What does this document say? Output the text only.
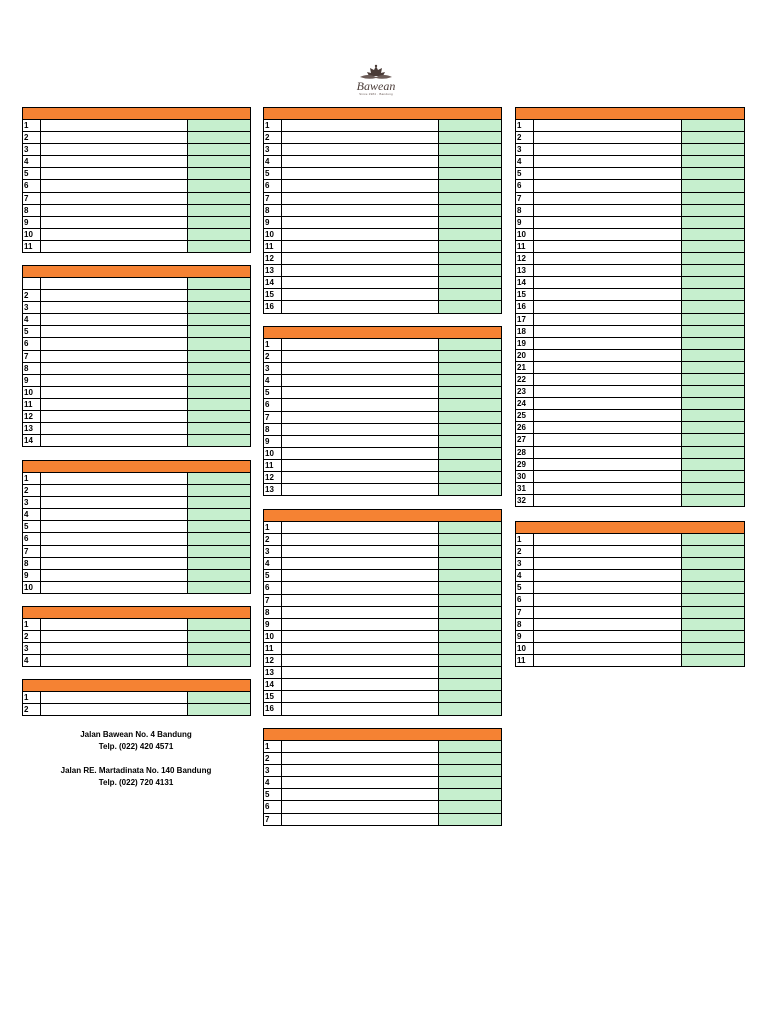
Bawean
Since 1984 · Bandung
1
2
3
4
5
6
7
8
9
10
11
2
3
4
5
6
7
8
9
10
11
12
13
14
1
2
3
4
5
6
7
8
9
10
1
2
3
4
1
2
1
2
3
4
5
6
7
8
9
10
11
12
13
14
15
16
1
2
3
4
5
6
7
8
9
10
11
12
13
1
2
3
4
5
6
7
8
9
10
11
12
13
14
15
16
1
2
3
4
5
6
7
1
2
3
4
5
6
7
8
9
10
11
12
13
14
15
16
17
18
19
20
21
22
23
24
25
26
27
28
29
30
31
32
1
2
3
4
5
6
7
8
9
10
11
Jalan Bawean No. 4 Bandung
Telp. (022) 420 4571
Jalan RE. Martadinata No. 140 Bandung
Telp. (022) 720 4131
